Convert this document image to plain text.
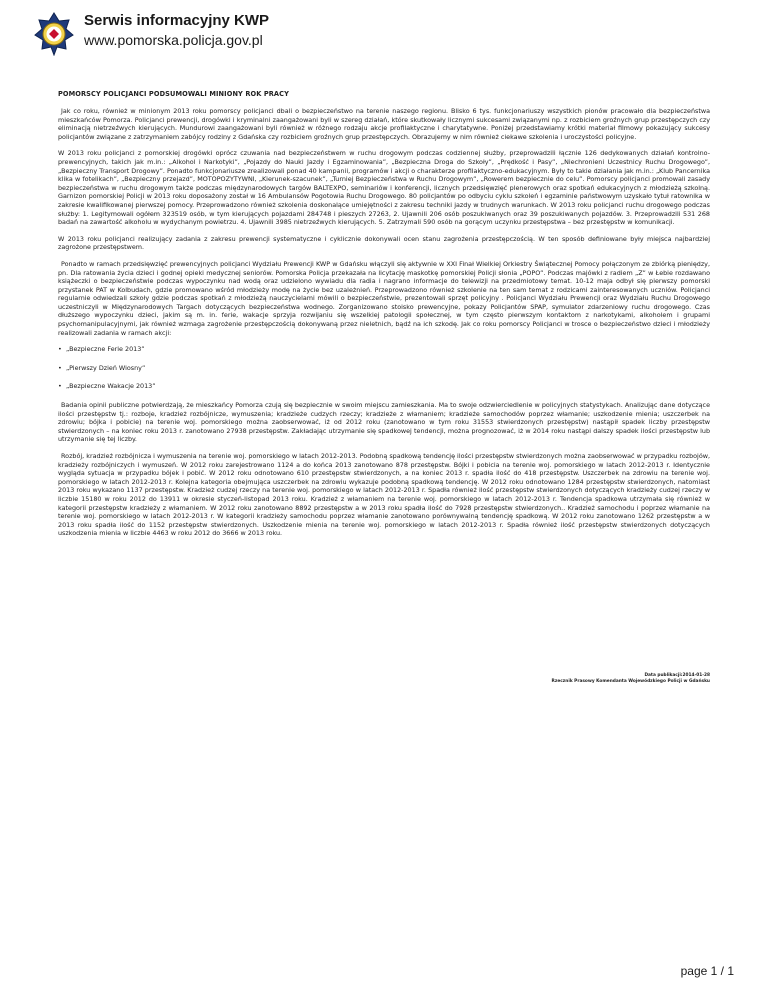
Serwis informacyjny KWP
www.pomorska.policja.gov.pl
POMORSCY POLICJANCI PODSUMOWALI MINIONY ROK PRACY

Jak co roku, również w minionym 2013 roku pomorscy policjanci dbali o bezpieczeństwo na terenie naszego regionu. Blisko 6 tys. funkcjonariuszy wszystkich pionów pracowało dla bezpieczeństwa mieszkańców Pomorza. Policjanci prewencji, drogówki i kryminalni zaangażowani byli w szereg działań, które skutkowały licznymi sukcesami związanymi np. z rozbiciem groźnych grup przestępczych czy eliminacją nietrzeźwych kierujących. Mundurowi zaangażowani byli również w różnego rodzaju akcje profilaktyczne i charytatywne. Poniżej przedstawiamy krótki materiał filmowy pokazujący sukcesy policjantów związane z zatrzymaniem zabójcy rodziny z Gdańska czy rozbiciem groźnych grup przestępczych. Obrazujemy w nim również ciekawe szkolenia i uroczystości policyjne.

W 2013 roku policjanci z pomorskiej drogówki oprócz czuwania nad bezpieczeństwem w ruchu drogowym podczas codziennej służby, przeprowadzili łącznie 126 dedykowanych działań kontrolno-prewencyjnych, takich jak m.in.: „Alkohol i Narkotyki”, „Pojazdy do Nauki Jazdy i Egzaminowania”, „Bezpieczna Droga do Szkoły”, „Prędkość i Pasy”, „Niechronieni Uczestnicy Ruchu Drogowego”, „Bezpieczny Transport Drogowy”. Ponadto funkcjonariusze zrealizowali ponad 40 kampanii, programów i akcji o charakterze profilaktyczno-edukacyjnym. Były to takie działania jak m.in.: „Klub Pancernika klika w fotelikach”, „Bezpieczny przejazd”, MOTOPOZYTYWNI, „Kierunek-szacunek”, „Turniej Bezpieczeństwa w Ruchu Drogowym”, „Rowerem bezpiecznie do celu”. Pomorscy policjanci promowali zasady bezpieczeństwa w ruchu drogowym także podczas międzynarodowych targów BALTEXPO, seminariów i konferencji, licznych przedsięwzięć plenerowych oraz spotkań edukacyjnych z młodzieżą szkolną. Garnizon pomorskiej Policji w 2013 roku doposażony został w 16 Ambulansów Pogotowia Ruchu Drogowego. 80 policjantów po odbyciu cyklu szkoleń i egzaminie państwowym uzyskało tytuł ratownika w zakresie kwalifikowanej pierwszej pomocy. Przeprowadzono również szkolenia doskonalące umiejętności z zakresu techniki jazdy w trudnych warunkach. W 2013 roku policjanci ruchu drogowego podczas służby: 1. Legitymowali ogółem 323519 osób, w tym kierujących pojazdami 284748 i pieszych 27263, 2. Ujawnili 206 osób poszukiwanych oraz 39 poszukiwanych pojazdów. 3. Przeprowadzili 531 268 badań na zawartość alkoholu w wydychanym powietrzu. 4. Ujawnili 3985 nietrzeźwych kierujących. 5. Zatrzymali 590 osób na gorącym uczynku przestępstwa – bez przestępstw w komunikacji.

W 2013 roku policjanci realizujący zadania z zakresu prewencji systematyczne i cyklicznie dokonywali ocen stanu zagrożenia przestępczością. W ten sposób definiowane były miejsca najbardziej zagrożone przestępstwem.

Ponadto w ramach przedsięwzięć prewencyjnych policjanci Wydziału Prewencji KWP w Gdańsku włączyli się aktywnie w XXI Finał Wielkiej Orkiestry Świątecznej Pomocy połączonym ze zbiórką pieniędzy, pn. Dla ratowania życia dzieci i godnej opieki medycznej seniorów. Pomorska Policja przekazała na licytację maskotkę pomorskiej Policji słonia „POPO”. Podczas majówki z radiem „Z” w Łebie rozdawano książeczki o bezpieczeństwie podczas wypoczynku nad wodą oraz udzielono wywiadu dla radia i nagrano informacje do telewizji na przedmiotowy temat. 10-12 maja odbył się pierwszy pomorski przystanek PAT w Kolbudach, gdzie promowano wśród młodzieży modę na życie bez uzależnień. Przeprowadzono również szkolenie na ten sam temat z rodzicami zainteresowanych uczniów. Policjanci regularnie odwiedzali szkoły gdzie podczas spotkań z młodzieżą nauczycielami mówili o bezpieczeństwie, prezentowali sprzęt policyjny . Policjanci Wydziału Prewencji oraz Wydziału Ruchu Drogowego uczestniczyli w Międzynarodowych Targach dotyczących bezpieczeństwa wodnego. Zorganizowano stoisko prewencyjne, pokazy Policjantów SPAP, symulator zdarzeniowy ruchu drogowego. Czas dłuższego wypoczynku dzieci, jakim są m. in. ferie, wakacje sprzyja rozwijaniu się wszelkiej patologii społecznej, w tym często pierwszym kontaktom z narkotykami, alkoholem i grupami psychomanipulacyjnymi, jak również wzmaga zagrożenie przestępczością dokonywaną przez nieletnich, bądź na ich szkodę. Jak co roku pomorscy Policjanci w trosce o bezpieczeństwo dzieci i młodzieży realizowali zadania w ramach akcji:

• „Bezpieczne Ferie 2013”
• „Pierwszy Dzień Wiosny”
• „Bezpieczne Wakacje 2013”

Badania opinii publiczne potwierdzają, że mieszkańcy Pomorza czują się bezpiecznie w swoim miejscu zamieszkania. Ma to swoje odzwierciedlenie w policyjnych statystykach. Analizując dane dotyczące ilości przestępstw tj.: rozboje, kradzież rozbójnicze, wymuszenia; kradzieże cudzych rzeczy; kradzieże z włamaniem; kradzieże samochodów poprzez włamanie; uszkodzenie mienia; uszczerbek na zdrowiu; bójka i pobicie) na terenie woj. pomorskiego można zaobserwować, iż od 2012 roku (zanotowano w tym roku 31553 stwierdzonych przestępstw) nastąpił spadek liczby przestępstw stwierdzonych – na koniec roku 2013 r. zanotowano 27938 przestępstw. Zakładając utrzymanie się spadkowej tendencji, można prognozować, iż w 2014 roku nastąpi dalszy spadek ilości przestępstw lub utrzymanie się tej liczby.

Rozbój, kradzież rozbójnicza i wymuszenia na terenie woj. pomorskiego w latach 2012-2013. Podobną spadkową tendencję ilości przestępstw stwierdzonych można zaobserwować w przypadku rozbojów, kradzieży rozbójniczych i wymuszeń. W 2012 roku zarejestrowano 1124 a do końca 2013 zanotowano 878 przestępstw. Bójki i pobicia na terenie woj. pomorskiego w latach 2012-2013 r. Identycznie wygląda sytuacja w przypadku bójek i pobić. W 2012 roku odnotowano 610 przestępstw stwierdzonych, a na koniec 2013 r. spadła ilość do 418 przestępstw. Uszczerbek na zdrowiu na terenie woj. pomorskiego w latach 2012-2013 r. Kolejna kategoria obejmująca uszczerbek na zdrowiu wykazuje podobną spadkową tendencję. W 2012 roku odnotowano 1284 przestępstw stwierdzonych, natomiast 2013 roku wykazano 1137 przestępstw. Kradzież cudzej rzeczy na terenie woj. pomorskiego w latach 2012-2013 r. Spadła również ilość przestępstw stwierdzonych dotyczących kradzieży cudzej rzeczy w liczbie 15180 w roku 2012 do 13911 w okresie styczeń-listopad 2013 roku. Kradzież z włamaniem na terenie woj. pomorskiego w latach 2012-2013 r. Tendencja spadkowa utrzymała się również w kategorii przestępstw kradzieży z włamaniem. W 2012 roku zanotowano 8892 przestępstw a w 2013 roku spadła ilość do 7928 przestępstw stwierdzonych.. Kradzież samochodu i poprzez włamanie na terenie woj. pomorskiego w latach 2012-2013 r. W kategorii kradzieży samochodu poprzez włamanie zanotowano porównywalną tendencję spadkową. W 2012 roku zanotowano 1262 przestępstw a w 2013 roku spadła ilość do 1152 przestępstw stwierdzonych. Uszkodzenie mienia na terenie woj. pomorskiego w latach 2012-2013 r. Spadła również ilość przestępstw stwierdzonych dotyczących uszkodzenia mienia w liczbie 4463 w roku 2012 do 3666 w 2013 roku.

Data publikacji:2014-01-28
Rzecznik Prasowy Komendanta Wojewódzkiego Policji w Gdańsku
page 1 / 1
